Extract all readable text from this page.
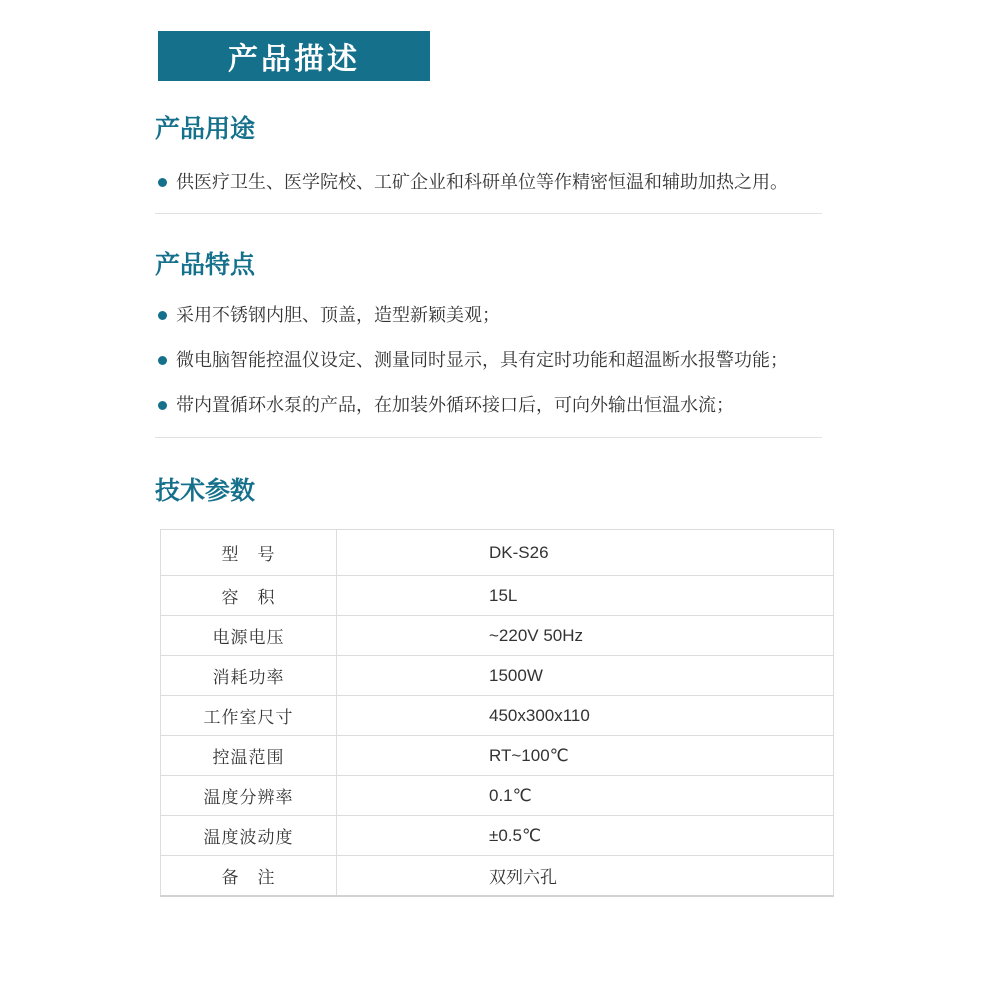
产品描述
产品用途
供医疗卫生、医学院校、工矿企业和科研单位等作精密恒温和辅助加热之用。
产品特点
采用不锈钢内胆、顶盖，造型新颖美观；
微电脑智能控温仪设定、测量同时显示，具有定时功能和超温断水报警功能；
带内置循环水泵的产品，在加装外循环接口后，可向外输出恒温水流；
技术参数
型　号	DK-S26
容　积	15L
电源电压	~220V 50Hz
消耗功率	1500W
工作室尺寸	450x300x110
控温范围	RT~100℃
温度分辨率	0.1℃
温度波动度	±0.5℃
备　注	双列六孔
